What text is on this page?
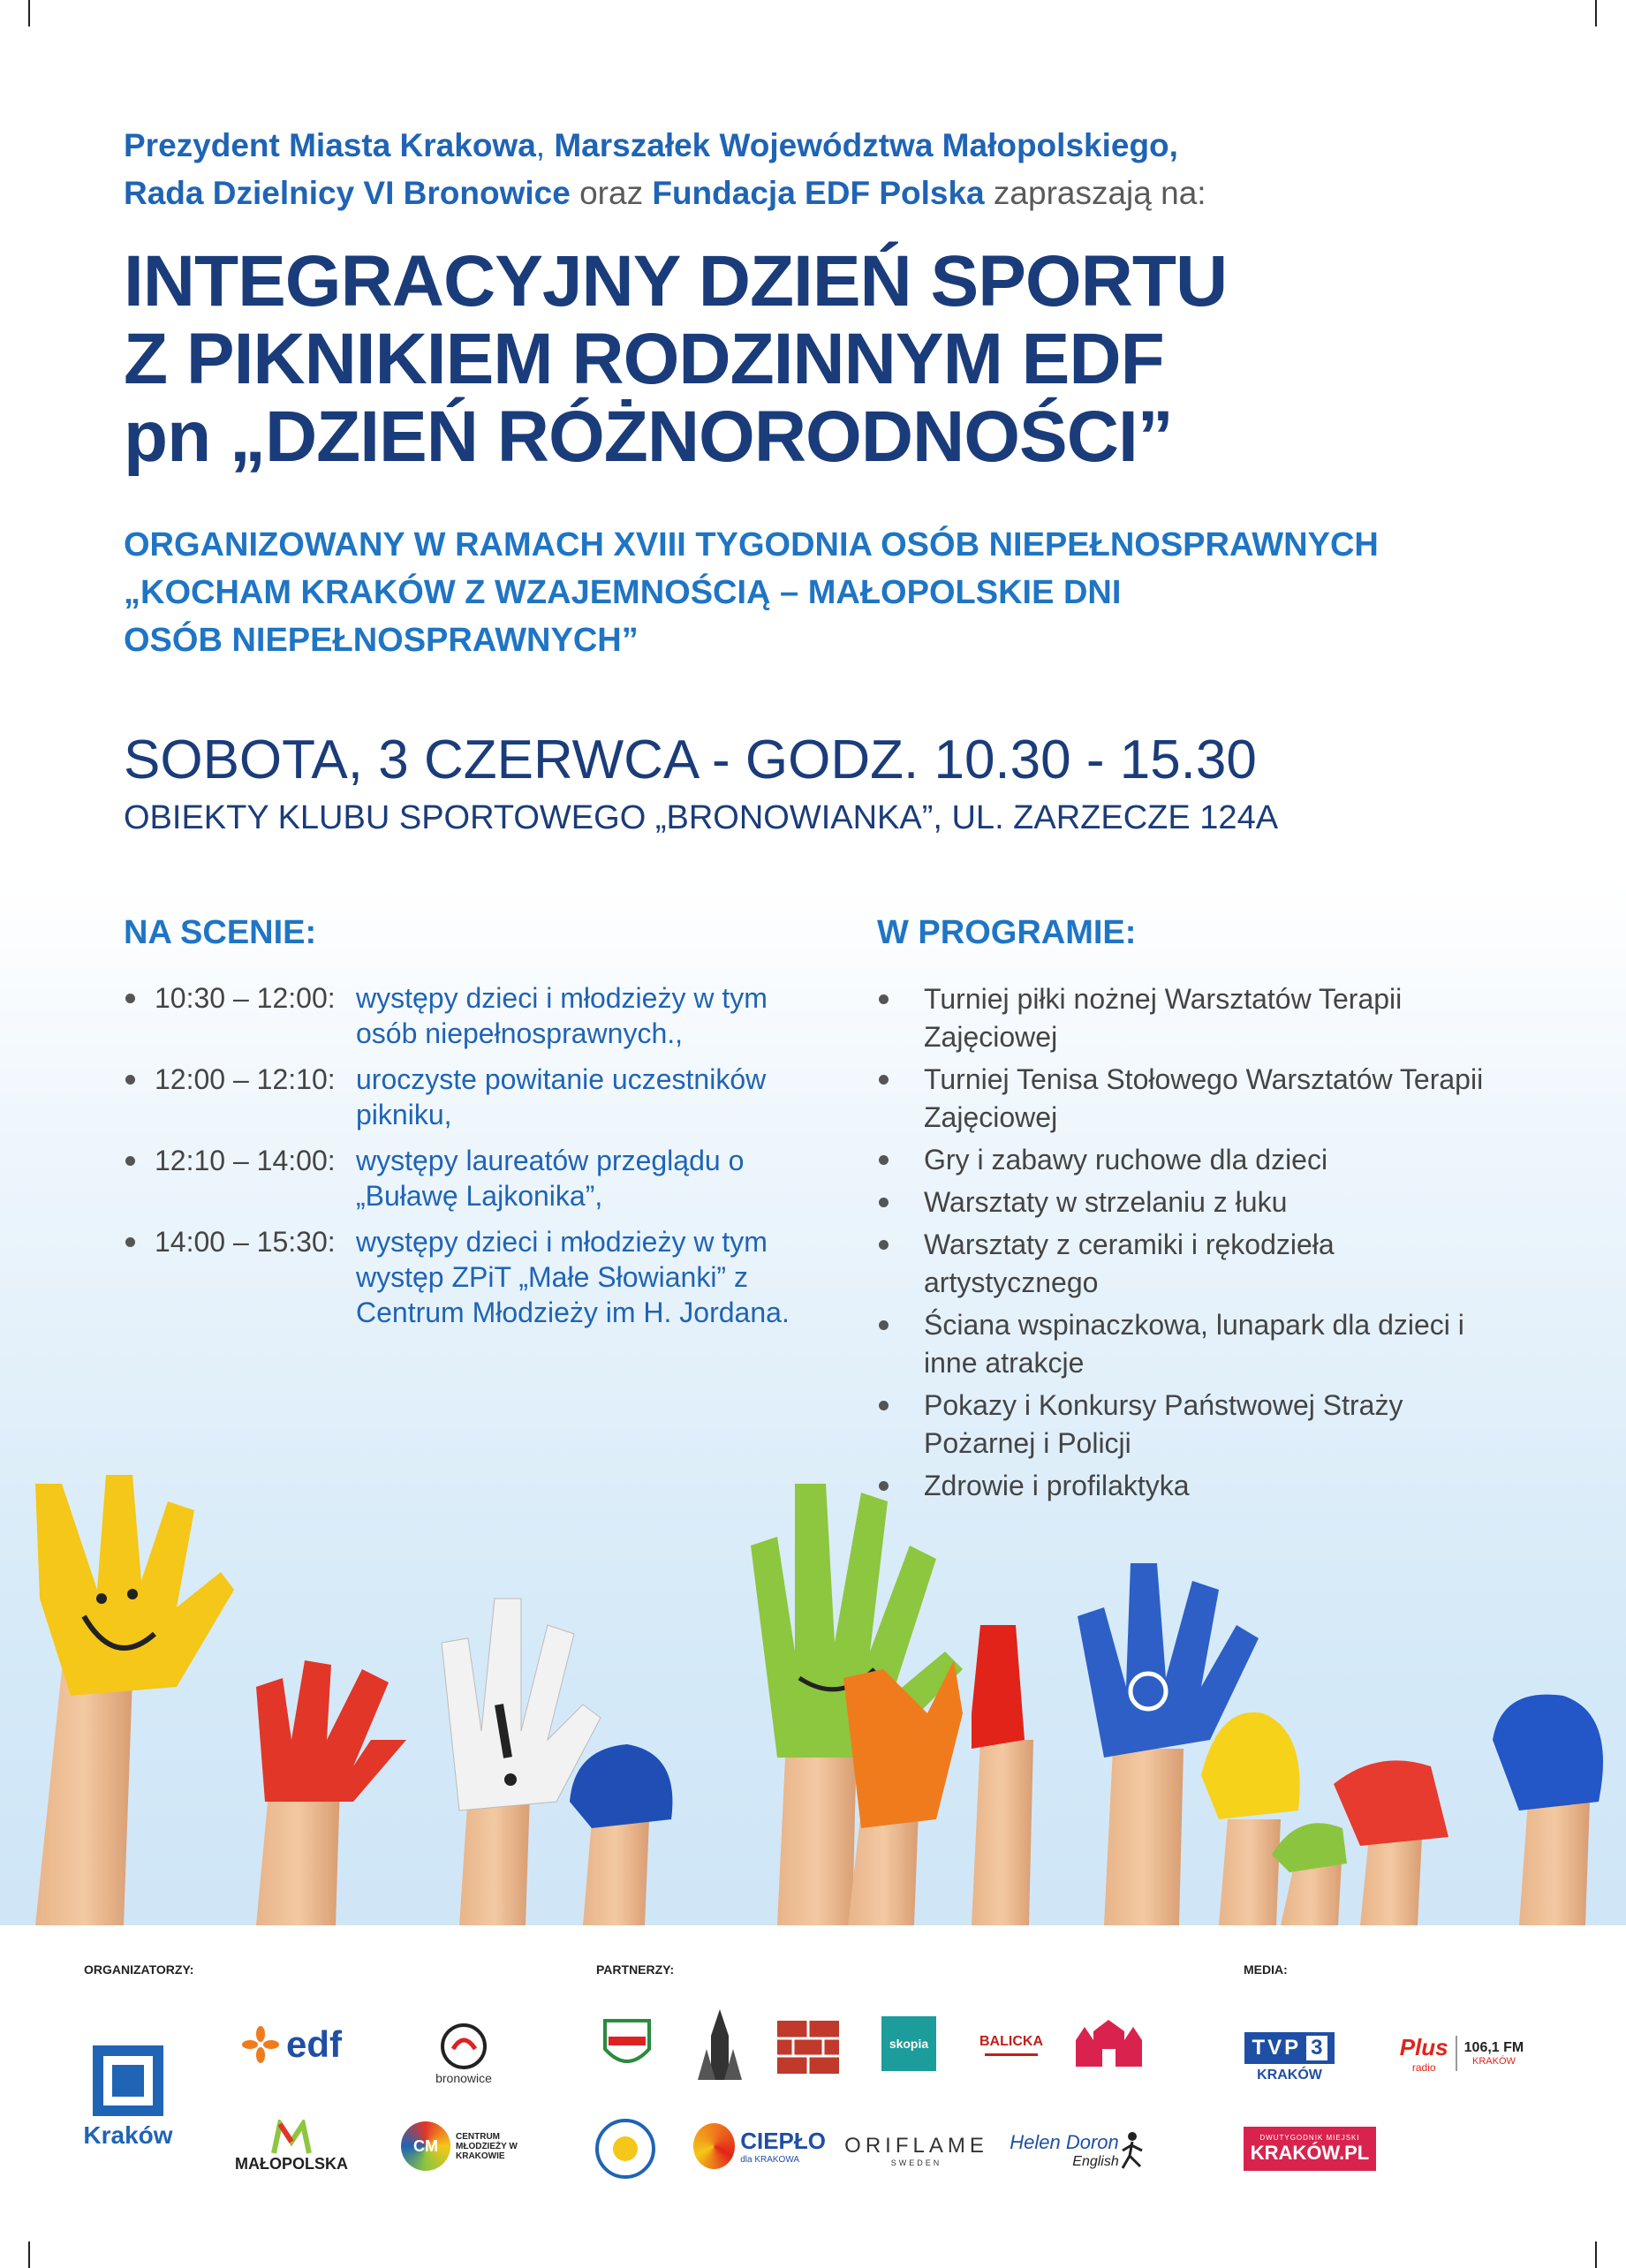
Prezydent Miasta Krakowa, Marszałek Województwa Małopolskiego,
Rada Dzielnicy VI Bronowice oraz Fundacja EDF Polska zapraszają na:
INTEGRACYJNY DZIEŃ SPORTU
Z PIKNIKIEM RODZINNYM EDF
pn „DZIEŃ RÓŻNORODNOŚCI”
ORGANIZOWANY W RAMACH XVIII TYGODNIA OSÓB NIEPEŁNOSPRAWNYCH
„KOCHAM KRAKÓW Z WZAJEMNOŚCIĄ – MAŁOPOLSKIE DNI
OSÓB NIEPEŁNOSPRAWNYCH”
SOBOTA, 3 CZERWCA - GODZ. 10.30 - 15.30
OBIEKTY KLUBU SPORTOWEGO „BRONOWIANKA”, UL. ZARZECZE 124A
NA SCENIE:	W PROGRAMIE:
10:30 – 12:00: występy dzieci i młodzieży w tym osób niepełnosprawnych.,
12:00 – 12:10: uroczyste powitanie uczestników pikniku,
12:10 – 14:00: występy laureatów przeglądu o „Buławę Lajkonika”,
14:00 – 15:30: występy dzieci i młodzieży w tym występ ZPiT „Małe Słowianki” z Centrum Młodzieży im H. Jordana.
Turniej piłki nożnej Warsztatów Terapii Zajęciowej
Turniej Tenisa Stołowego Warsztatów Terapii Zajęciowej
Gry i zabawy ruchowe dla dzieci
Warsztaty w strzelaniu z łuku
Warsztaty z ceramiki i rękodzieła artystycznego
Ściana wspinaczkowa, lunapark dla dzieci i inne atrakcje
Pokazy i Konkursy Państwowej Straży Pożarnej i Policji
Zdrowie i profilaktyka
ORGANIZATORZY:	PARTNERZY:	MEDIA:
Kraków
edf
bronowice
MAŁOPOLSKA
CM
CENTRUM MŁODZIEŻY W KRAKOWIE
skopia	BALICKA
CIEPŁO
dla KRAKOWA
ORIFLAME
SWEDEN
Helen Doron
English
TVP 3
KRAKÓW
Plus
radio
106,1 FM
KRAKÓW
DWUTYGODNIK MIEJSKI
KRAKÓW.PL
